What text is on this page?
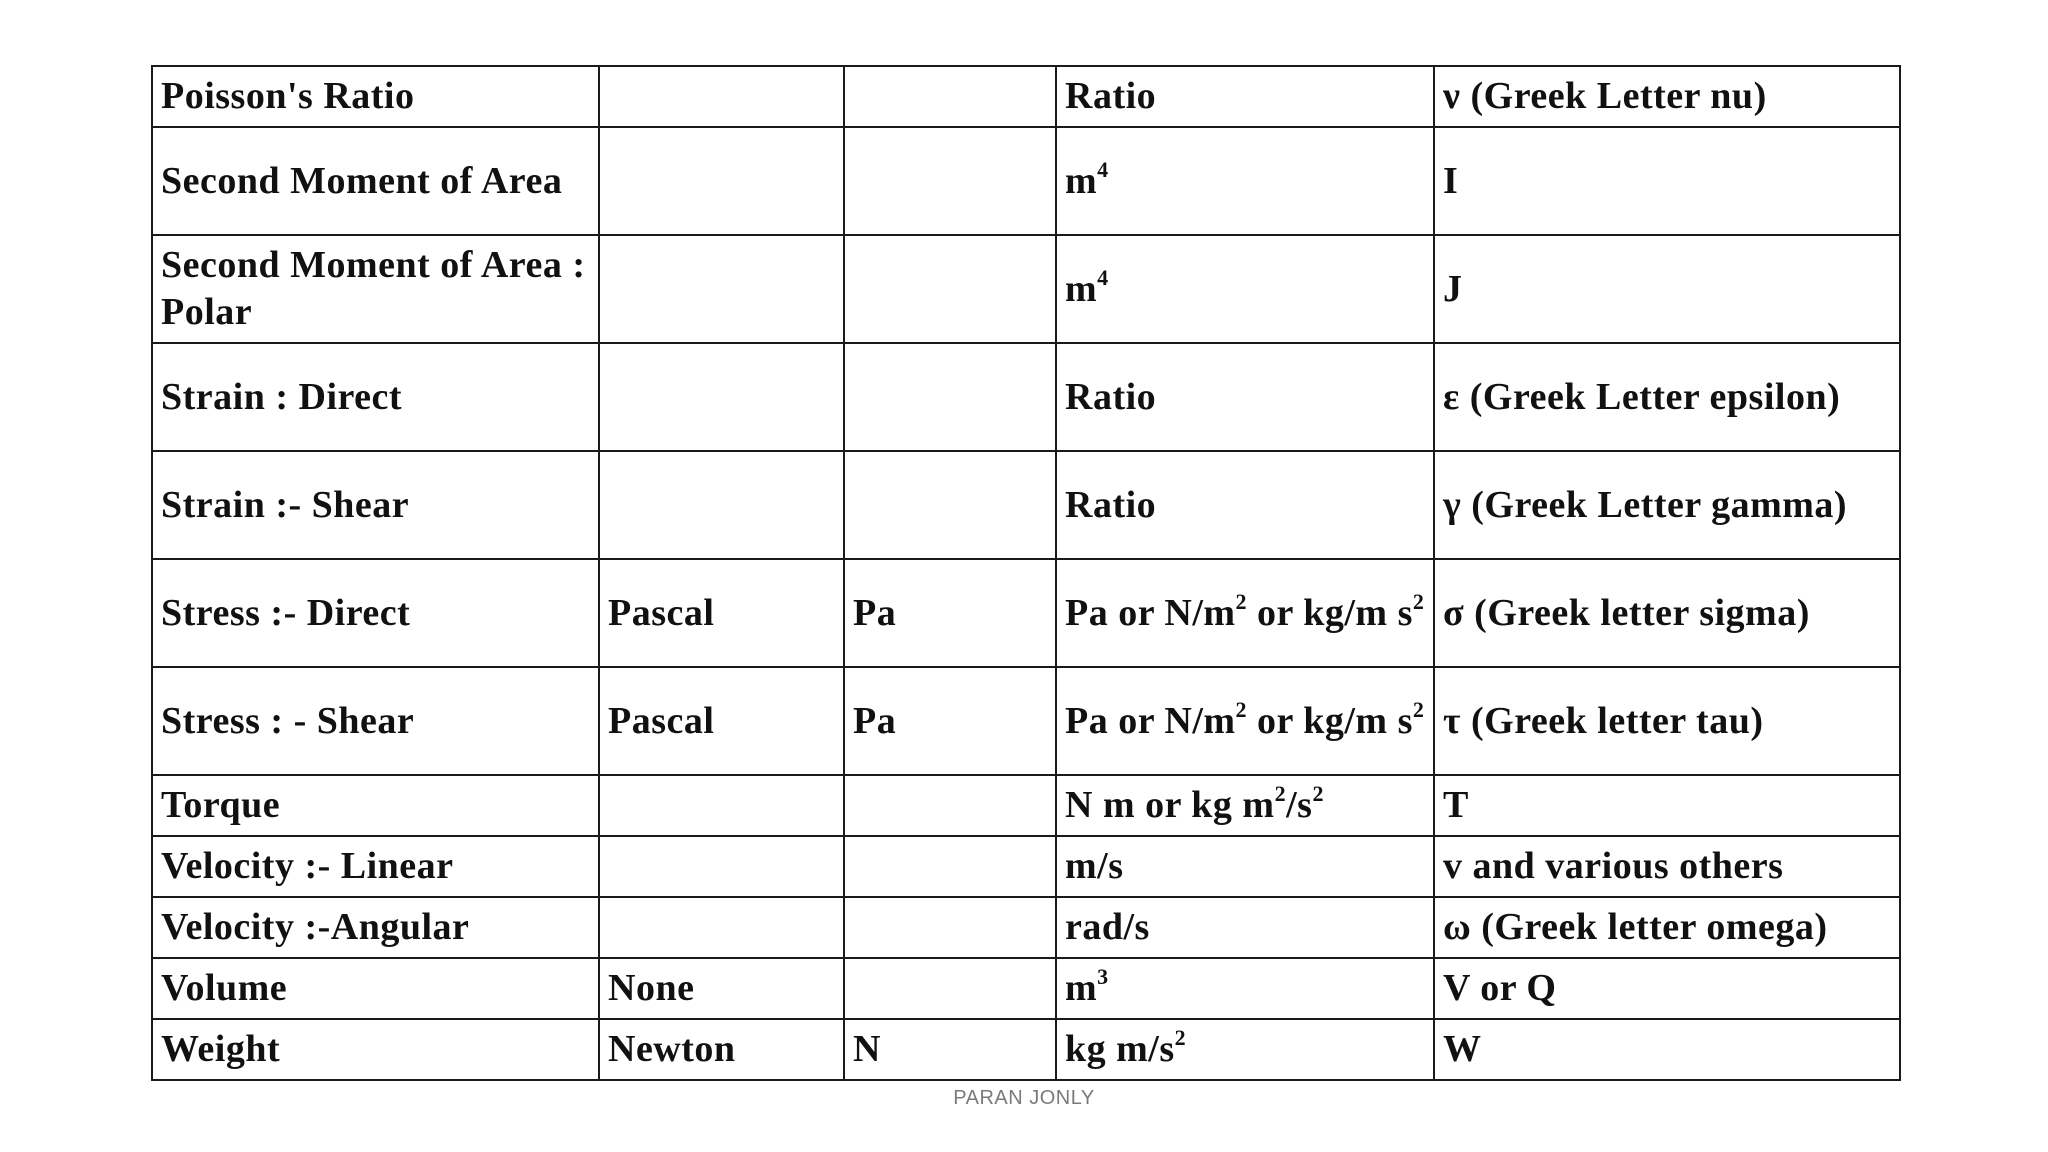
Poisson's Ratio			Ratio	ν (Greek Letter nu)
Second Moment of Area			$m^4$	I
Second Moment of Area : Polar			$m^4$	J
Strain : Direct			Ratio	ε (Greek Letter epsilon)
Strain :- Shear			Ratio	γ (Greek Letter gamma)
Stress :- Direct	Pascal	Pa	Pa or $N/m^2$ or kg/m $s^2$	σ (Greek letter sigma)
Stress : - Shear	Pascal	Pa	Pa or $N/m^2$ or kg/m $s^2$	τ (Greek letter tau)
Torque			N m or kg $m^2/s^2$	T
Velocity :- Linear			m/s	v and various others
Velocity :-Angular			rad/s	ω (Greek letter omega)
Volume	None		$m^3$	V or Q
Weight	Newton	N	kg $m/s^2$	W
PARAN JONLY
